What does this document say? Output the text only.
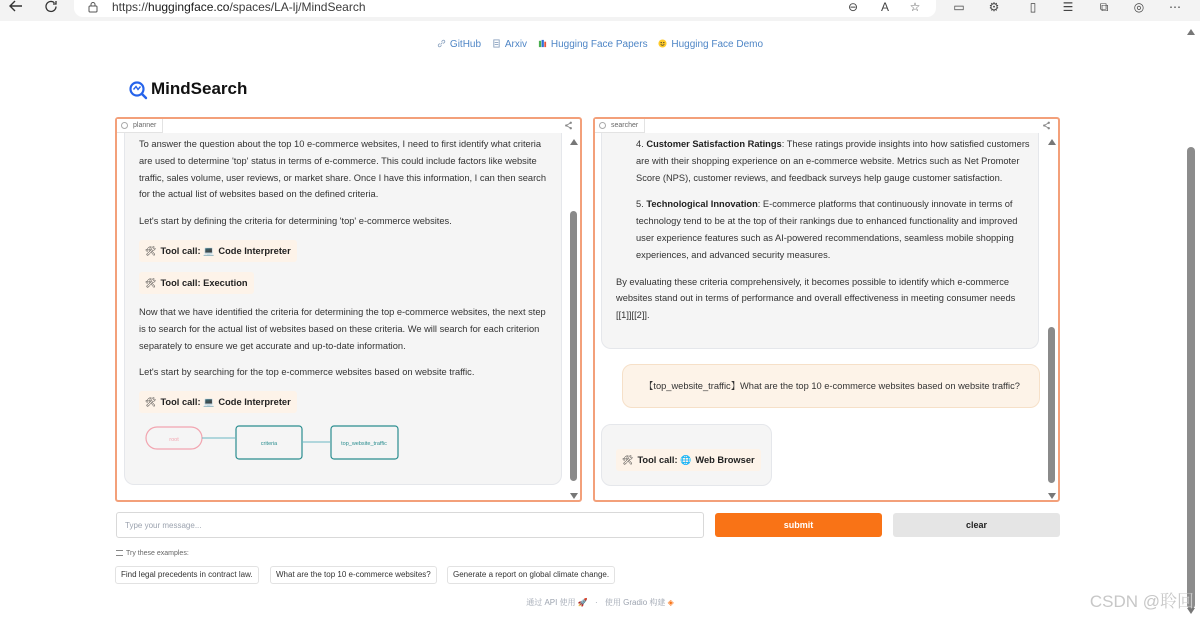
https://huggingface.co/spaces/LA-lj/MindSearch	⊖	A	☆	▭	⚙	▯	☰	⧉	◎	⋯
GitHub Arxiv Hugging Face Papers Hugging Face Demo
MindSearch
planner

To answer the question about the top 10 e-commerce websites, I need to first identify what criteria are used to determine 'top' status in terms of e-commerce. This could include factors like website traffic, sales volume, user reviews, or market share. Once I have this information, I can then search for the actual list of websites based on the defined criteria.

Let's start by defining the criteria for determining 'top' e-commerce websites.

🛠 Tool call: 💻 Code Interpreter
🛠 Tool call: Execution

Now that we have identified the criteria for determining the top e-commerce websites, the next step is to search for the actual list of websites based on these criteria. We will search for each criterion separately to ensure we get accurate and up-to-date information.

Let's start by searching for the top e-commerce websites based on website traffic.

🛠 Tool call: 💻 Code Interpreter
root
criteria	top_website_traffic
searcher
4. Customer Satisfaction Ratings: These ratings provide insights into how satisfied customers are with their shopping experience on an e-commerce website. Metrics such as Net Promoter Score (NPS), customer reviews, and feedback surveys help gauge customer satisfaction.
5. Technological Innovation: E-commerce platforms that continuously innovate in terms of technology tend to be at the top of their rankings due to enhanced functionality and improved user experience features such as AI-powered recommendations, seamless mobile shopping experiences, and advanced security measures.

By evaluating these criteria comprehensively, it becomes possible to identify which e-commerce websites stand out in terms of performance and overall effectiveness in meeting consumer needs [[1]][[2]].

【top_website_traffic】What are the top 10 e-commerce websites based on website traffic?
🛠 Tool call: 🌐 Web Browser
Type your message...
submit	clear
Try these examples:
Find legal precedents in contract law.	What are the top 10 e-commerce websites?	Generate a report on global climate change.
通过 API 使用 🚀 · 使用 Gradio 构建 ◈	CSDN @聆回
